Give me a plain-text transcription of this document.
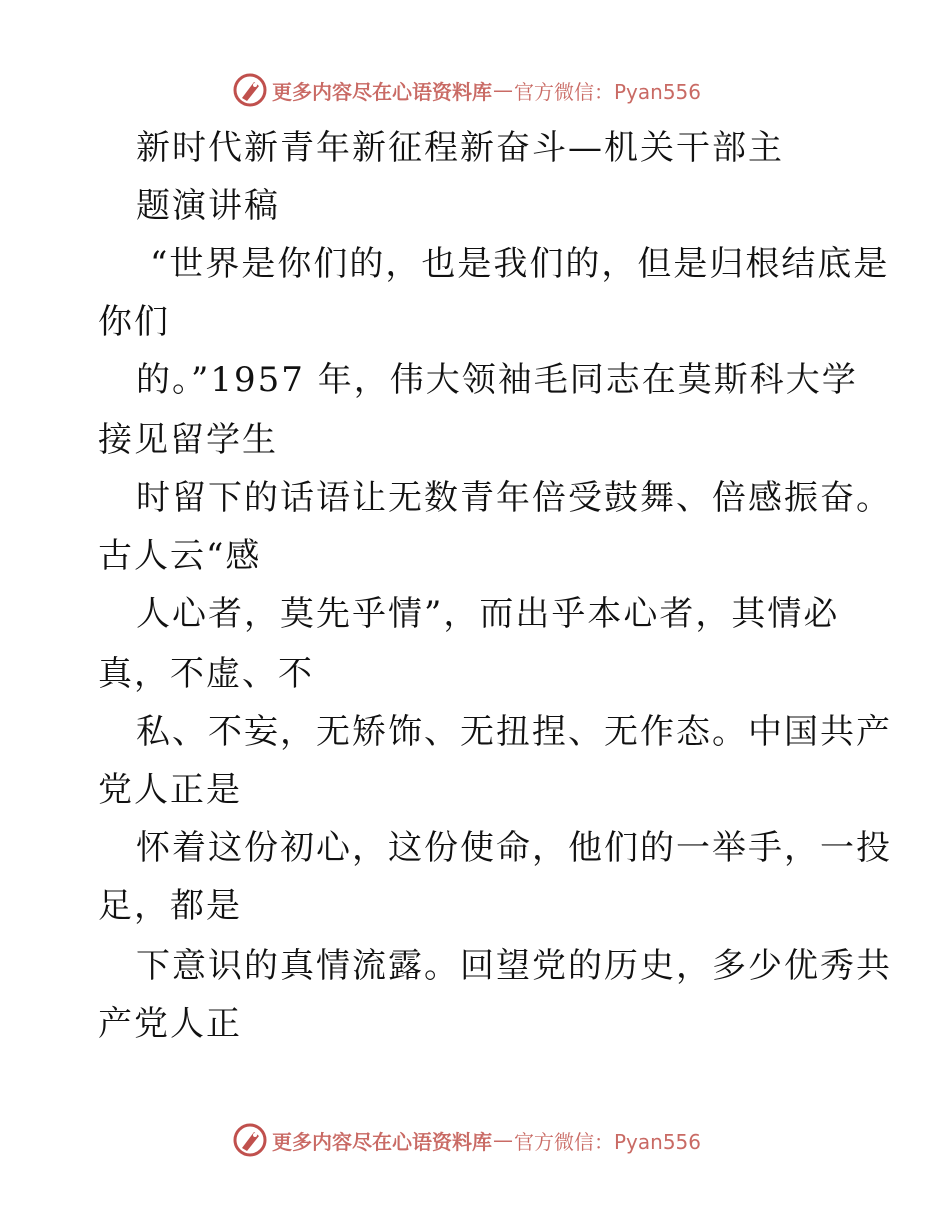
更多内容尽在心语资料库 — 官方微信：Pyan556
新时代新青年新征程新奋斗—机关干部主
题演讲稿
“世界是你们的，也是我们的，但是归根结底是
你们
的。”1957 年，伟大领袖毛同志在莫斯科大学
接见留学生
时留下的话语让无数青年倍受鼓舞、倍感振奋。
古人云“感
人心者，莫先乎情”，而出乎本心者，其情必
真，不虚、不
私、不妄，无矫饰、无扭捏、无作态。中国共产
党人正是
怀着这份初心，这份使命，他们的一举手，一投
足，都是
下意识的真情流露。回望党的历史，多少优秀共
产党人正
更多内容尽在心语资料库 — 官方微信：Pyan556
